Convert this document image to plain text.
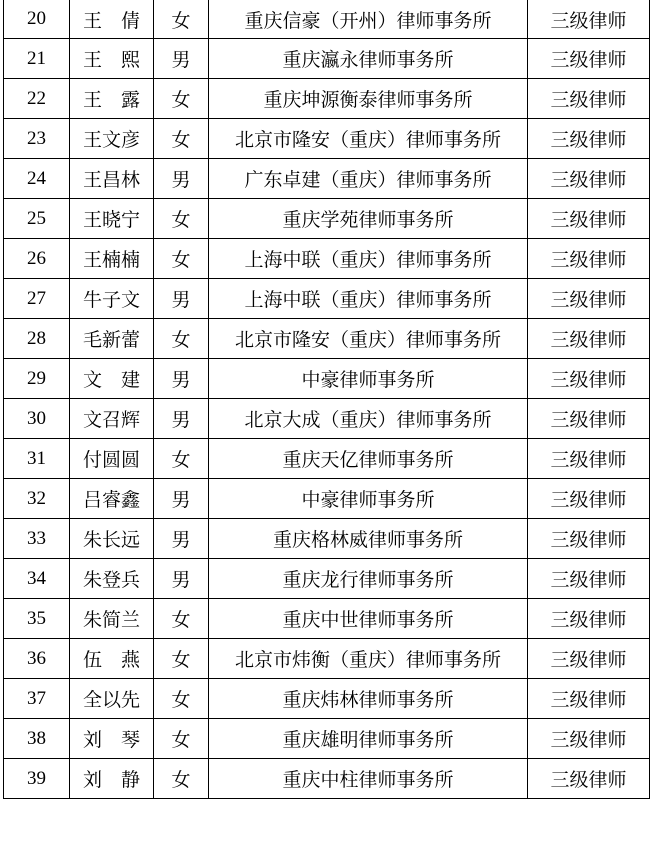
20	王　倩	女	重庆信豪（开州）律师事务所	三级律师
21	王　熙	男	重庆瀛永律师事务所	三级律师
22	王　露	女	重庆坤源衡泰律师事务所	三级律师
23	王文彦	女	北京市隆安（重庆）律师事务所	三级律师
24	王昌林	男	广东卓建（重庆）律师事务所	三级律师
25	王晓宁	女	重庆学苑律师事务所	三级律师
26	王楠楠	女	上海中联（重庆）律师事务所	三级律师
27	牛子文	男	上海中联（重庆）律师事务所	三级律师
28	毛新蕾	女	北京市隆安（重庆）律师事务所	三级律师
29	文　建	男	中豪律师事务所	三级律师
30	文召辉	男	北京大成（重庆）律师事务所	三级律师
31	付圆圆	女	重庆天亿律师事务所	三级律师
32	吕睿鑫	男	中豪律师事务所	三级律师
33	朱长远	男	重庆格林威律师事务所	三级律师
34	朱登兵	男	重庆龙行律师事务所	三级律师
35	朱简兰	女	重庆中世律师事务所	三级律师
36	伍　燕	女	北京市炜衡（重庆）律师事务所	三级律师
37	全以先	女	重庆炜林律师事务所	三级律师
38	刘　琴	女	重庆雄明律师事务所	三级律师
39	刘　静	女	重庆中柱律师事务所	三级律师
